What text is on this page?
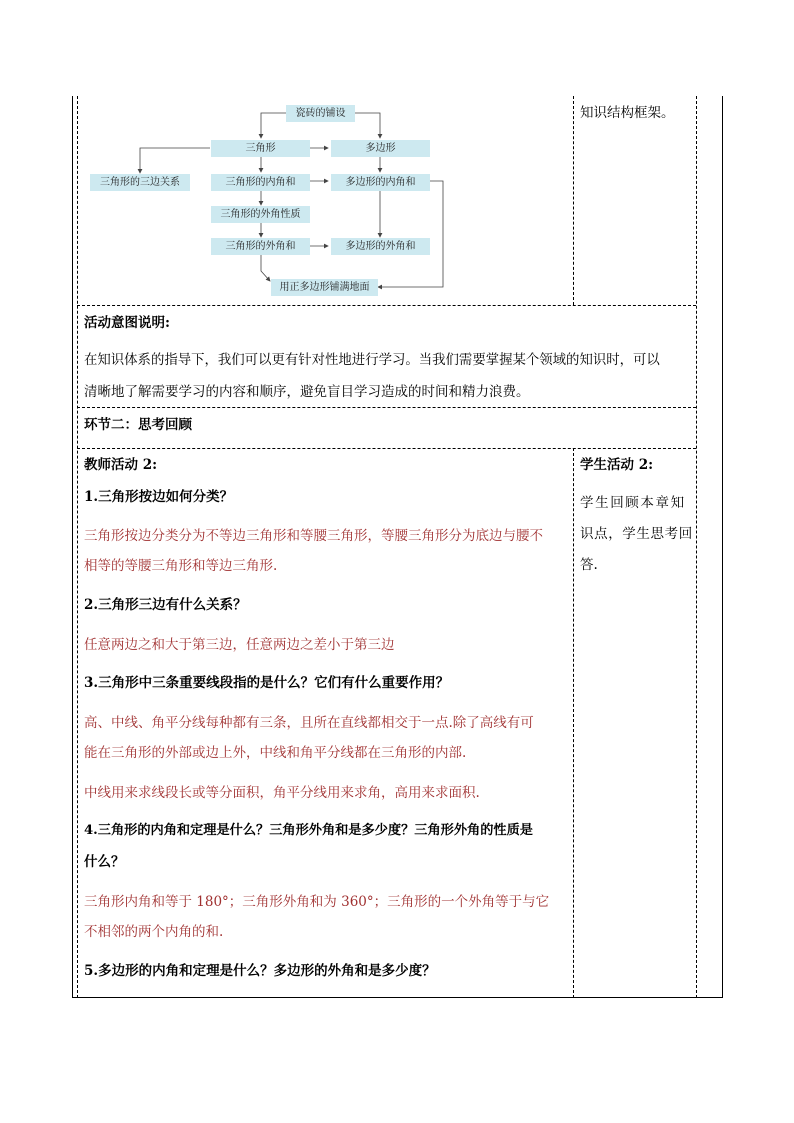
瓷砖的铺设
三角形	多边形
三角形的三边关系	三角形的内角和	多边形的内角和
三角形的外角性质
三角形的外角和	多边形的外角和
用正多边形铺满地面
知识结构框架。
活动意图说明:
在知识体系的指导下，我们可以更有针对性地进行学习。当我们需要掌握某个领域的知识时，可以
清晰地了解需要学习的内容和顺序，避免盲目学习造成的时间和精力浪费。
环节二：思考回顾
教师活动 2:
1.三角形按边如何分类？
三角形按边分类分为不等边三角形和等腰三角形，等腰三角形分为底边与腰不
相等的等腰三角形和等边三角形.
2.三角形三边有什么关系？
任意两边之和大于第三边，任意两边之差小于第三边
3.三角形中三条重要线段指的是什么？它们有什么重要作用？
高、中线、角平分线每种都有三条，且所在直线都相交于一点.除了高线有可
能在三角形的外部或边上外，中线和角平分线都在三角形的内部.
中线用来求线段长或等分面积，角平分线用来求角，高用来求面积.
4.三角形的内角和定理是什么？三角形外角和是多少度？三角形外角的性质是
什么？
三角形内角和等于 180°；三角形外角和为 360°；三角形的一个外角等于与它
不相邻的两个内角的和.
5.多边形的内角和定理是什么？多边形的外角和是多少度？
学生活动 2:
学生回顾本章知
识点，学生思考回
答.
